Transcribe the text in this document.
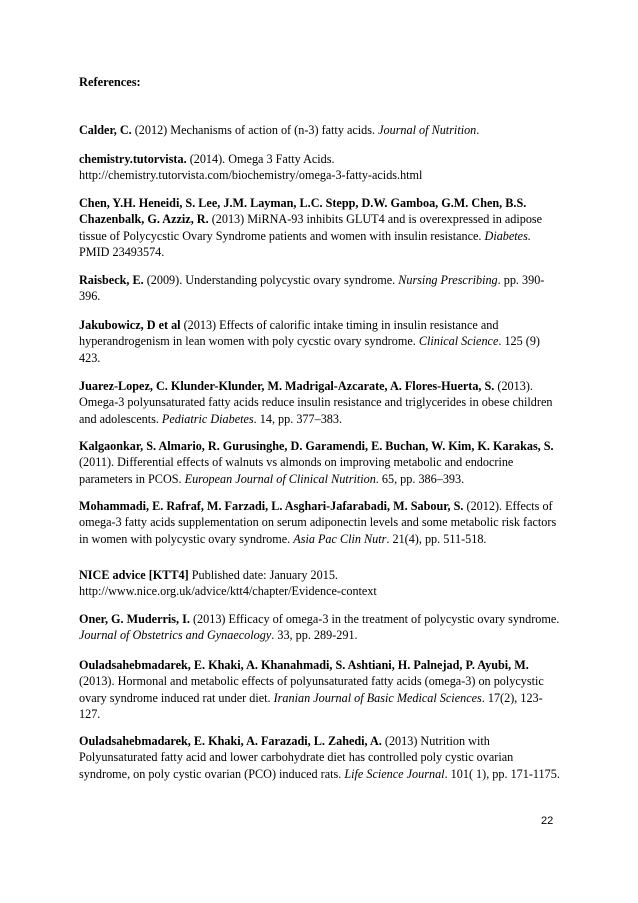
References:

Calder, C. (2012) Mechanisms of action of (n-3) fatty acids. Journal of Nutrition.

chemistry.tutorvista. (2014). Omega 3 Fatty Acids. http://chemistry.tutorvista.com/biochemistry/omega-3-fatty-acids.html

Chen, Y.H. Heneidi, S. Lee, J.M. Layman, L.C. Stepp, D.W. Gamboa, G.M. Chen, B.S. Chazenbalk, G. Azziz, R. (2013) MiRNA-93 inhibits GLUT4 and is overexpressed in adipose tissue of Polycycstic Ovary Syndrome patients and women with insulin resistance. Diabetes. PMID 23493574.

Raisbeck, E. (2009). Understanding polycystic ovary syndrome. Nursing Prescribing. pp. 390-396.

Jakubowicz, D et al (2013) Effects of calorific intake timing in insulin resistance and hyperandrogenism in lean women with poly cycstic ovary syndrome. Clinical Science. 125 (9) 423.

Juarez-Lopez, C. Klunder-Klunder, M. Madrigal-Azcarate, A. Flores-Huerta, S. (2013). Omega-3 polyunsaturated fatty acids reduce insulin resistance and triglycerides in obese children and adolescents. Pediatric Diabetes. 14, pp. 377–383.

Kalgaonkar, S. Almario, R. Gurusinghe, D. Garamendi, E. Buchan, W. Kim, K. Karakas, S. (2011). Differential effects of walnuts vs almonds on improving metabolic and endocrine parameters in PCOS. European Journal of Clinical Nutrition. 65, pp. 386–393.

Mohammadi, E. Rafraf, M. Farzadi, L. Asghari-Jafarabadi, M. Sabour, S. (2012). Effects of omega-3 fatty acids supplementation on serum adiponectin levels and some metabolic risk factors in women with polycystic ovary syndrome. Asia Pac Clin Nutr. 21(4), pp. 511-518.

NICE advice [KTT4] Published date: January 2015. http://www.nice.org.uk/advice/ktt4/chapter/Evidence-context

Oner, G. Muderris, I. (2013) Efficacy of omega-3 in the treatment of polycystic ovary syndrome. Journal of Obstetrics and Gynaecology. 33, pp. 289-291.

Ouladsahebmadarek, E. Khaki, A. Khanahmadi, S. Ashtiani, H. Palnejad, P. Ayubi, M. (2013). Hormonal and metabolic effects of polyunsaturated fatty acids (omega-3) on polycystic ovary syndrome induced rat under diet. Iranian Journal of Basic Medical Sciences. 17(2), 123-127.

Ouladsahebmadarek, E. Khaki, A. Farazadi, L. Zahedi, A. (2013) Nutrition with Polyunsaturated fatty acid and lower carbohydrate diet has controlled poly cystic ovarian syndrome, on poly cystic ovarian (PCO) induced rats. Life Science Journal. 101( 1), pp. 171-1175.

22
